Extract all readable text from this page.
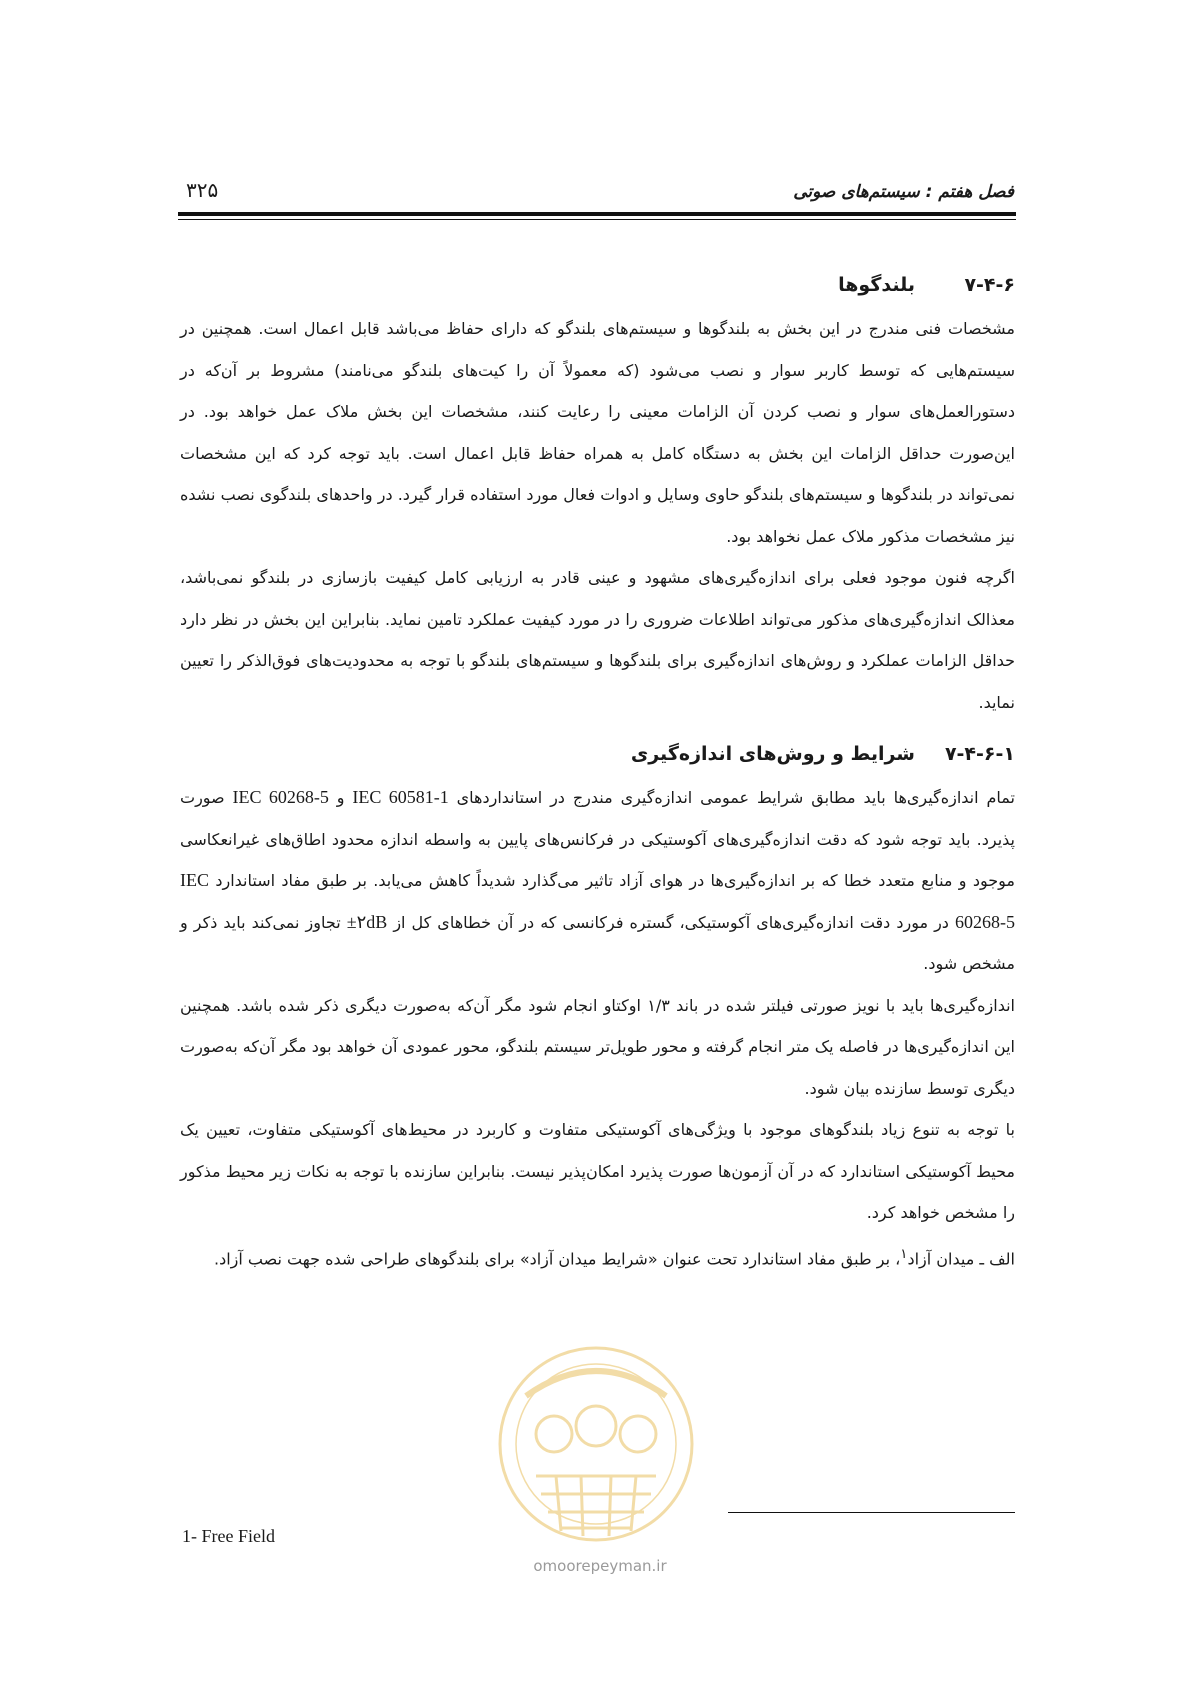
فصل هفتم : سیستم‌های صوتی
۳۲۵
۷-۴-۶
بلندگوها

مشخصات فنی مندرج در این بخش به بلندگوها و سیستم‌های بلندگو که دارای حفاظ می‌باشد قابل اعمال است. همچنین در سیستم‌هایی که توسط کاربر سوار و نصب می‌شود (که معمولاً آن را کیت‌های بلندگو می‌نامند) مشروط بر آن‌که در دستورالعمل‌های سوار و نصب کردن آن الزامات معینی را رعایت کنند، مشخصات این بخش ملاک عمل خواهد بود. در این‌صورت حداقل الزامات این بخش به دستگاه کامل به همراه حفاظ قابل اعمال است. باید توجه کرد که این مشخصات نمی‌تواند در بلندگوها و سیستم‌های بلندگو حاوی وسایل و ادوات فعال مورد استفاده قرار گیرد. در واحدهای بلندگوی نصب نشده نیز مشخصات مذکور ملاک عمل نخواهد بود.

اگرچه فنون موجود فعلی برای اندازه‌گیری‌های مشهود و عینی قادر به ارزیابی کامل کیفیت بازسازی در بلندگو نمی‌باشد، معذالک اندازه‌گیری‌های مذکور می‌تواند اطلاعات ضروری را در مورد کیفیت عملکرد تامین نماید. بنابراین این بخش در نظر دارد حداقل الزامات عملکرد و روش‌های اندازه‌گیری برای بلندگوها و سیستم‌های بلندگو با توجه به محدودیت‌های فوق‌الذکر را تعیین نماید.

۷-۴-۶-۱
شرایط و روش‌های اندازه‌گیری

تمام اندازه‌گیری‌ها باید مطابق شرایط عمومی اندازه‌گیری مندرج در استانداردهای IEC 60581-1 و IEC 60268-5 صورت پذیرد. باید توجه شود که دقت اندازه‌گیری‌های آکوستیکی در فرکانس‌های پایین به واسطه اندازه محدود اطاق‌های غیرانعکاسی موجود و منابع متعدد خطا که بر اندازه‌گیری‌ها در هوای آزاد تاثیر می‌گذارد شدیداً کاهش می‌یابد. بر طبق مفاد استاندارد IEC 60268-5 در مورد دقت اندازه‌گیری‌های آکوستیکی، گستره فرکانسی که در آن خطاهای کل از ±۲dB تجاوز نمی‌کند باید ذکر و مشخص شود.

اندازه‌گیری‌ها باید با نویز صورتی فیلتر شده در باند ۱/۳ اوکتاو انجام شود مگر آن‌که به‌صورت دیگری ذکر شده باشد. همچنین این اندازه‌گیری‌ها در فاصله یک متر انجام گرفته و محور طویل‌تر سیستم بلندگو، محور عمودی آن خواهد بود مگر آن‌که به‌صورت دیگری توسط سازنده بیان شود.

با توجه به تنوع زیاد بلندگوهای موجود با ویژگی‌های آکوستیکی متفاوت و کاربرد در محیط‌های آکوستیکی متفاوت، تعیین یک محیط آکوستیکی استاندارد که در آن آزمون‌ها صورت پذیرد امکان‌پذیر نیست. بنابراین سازنده با توجه به نکات زیر محیط مذکور را مشخص خواهد کرد.

الف ـ میدان آزاد$^۱$، بر طبق مفاد استاندارد تحت عنوان «شرایط میدان آزاد» برای بلندگوهای طراحی شده جهت نصب آزاد.

1- Free Field
omoorepeyman.ir
